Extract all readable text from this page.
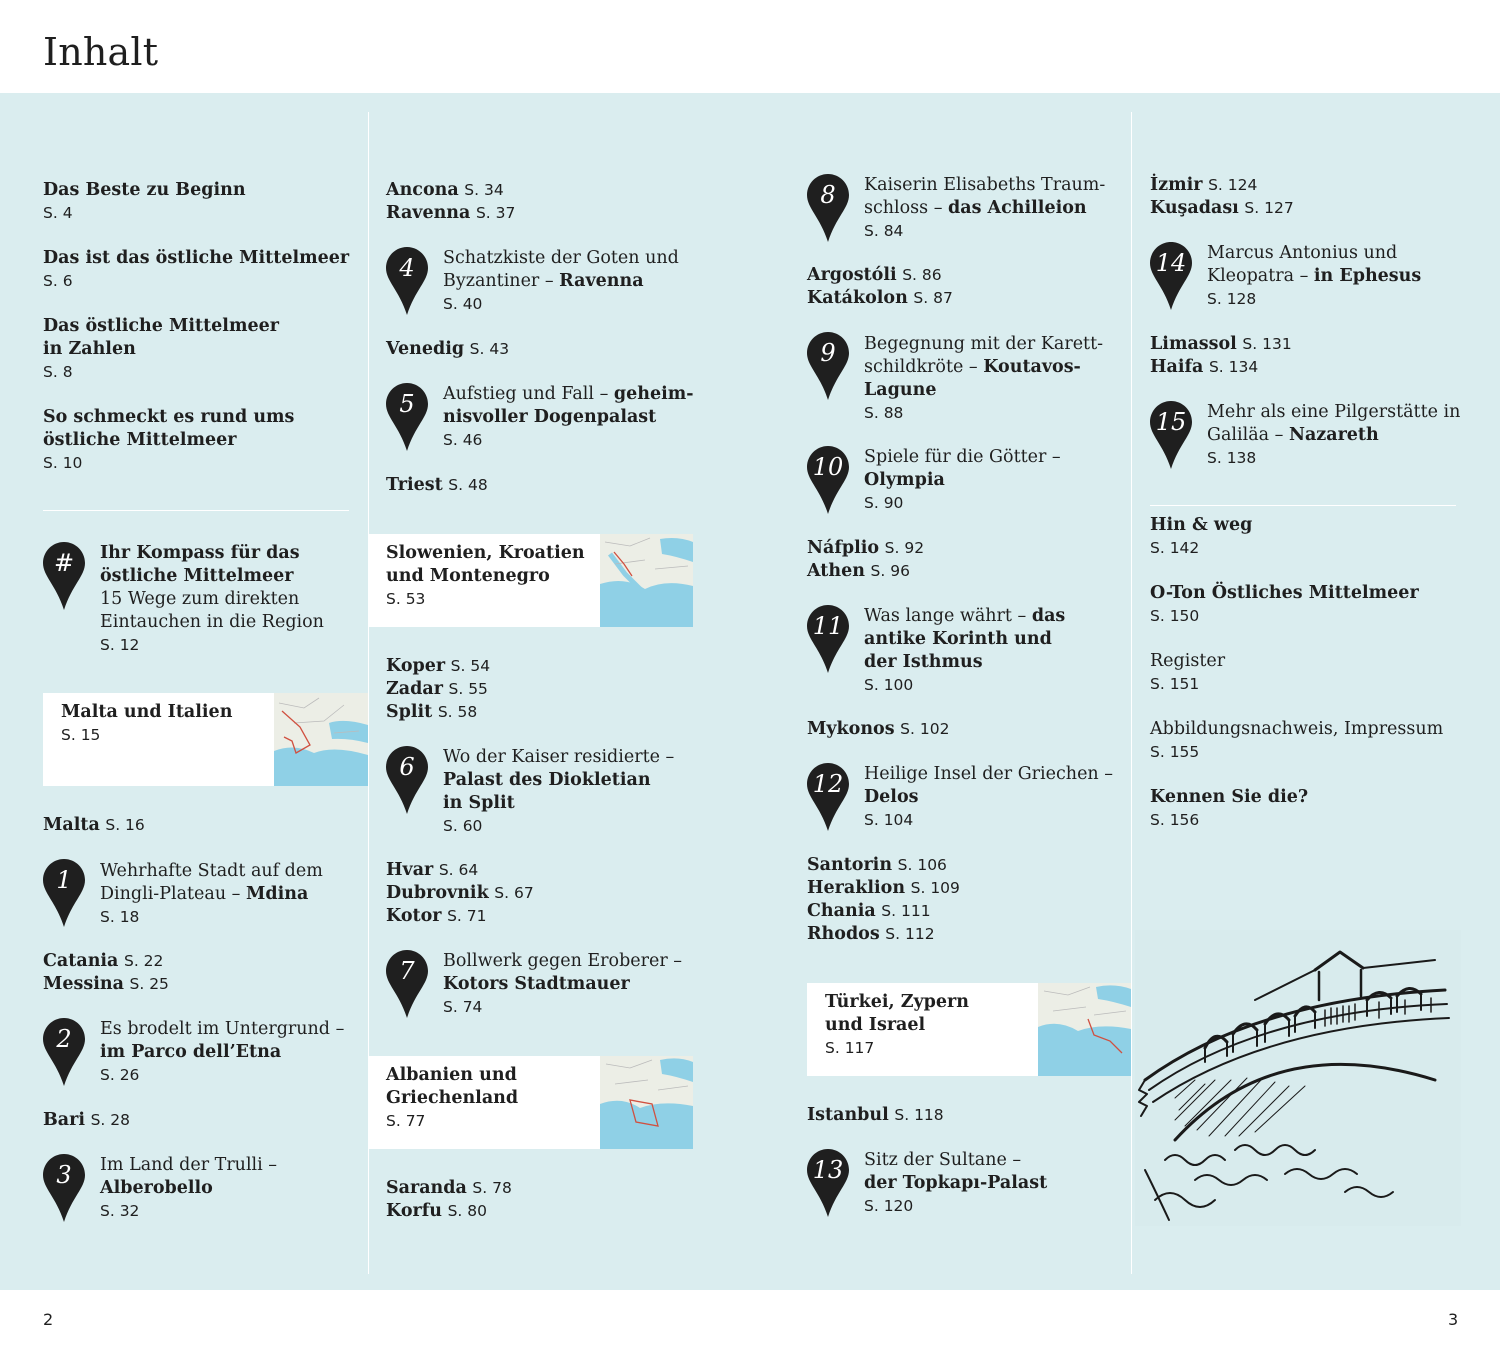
Inhalt
Das Beste zu Beginn
S. 4
Das ist das östliche Mittelmeer
S. 6
Das östliche Mittelmeer
in Zahlen
S. 8
So schmeckt es rund ums
östliche Mittelmeer
S. 10
#	Ihr Kompass für das
östliche Mittelmeer
15 Wege zum direkten
Eintauchen in die Region
S. 12
Malta und Italien
S. 15
Malta S. 16
1	Wehrhafte Stadt auf dem
Dingli-Plateau – Mdina
S. 18
Catania S. 22
Messina S. 25
2	Es brodelt im Untergrund –
im Parco dell’Etna
S. 26
Bari S. 28
3	Im Land der Trulli –
Alberobello
S. 32
Ancona S. 34
Ravenna S. 37
4	Schatzkiste der Goten und
Byzantiner – Ravenna
S. 40
Venedig S. 43
5	Aufstieg und Fall – geheim-
nisvoller Dogenpalast
S. 46
Triest S. 48
Slowenien, Kroatien
und Montenegro
S. 53
Koper S. 54
Zadar S. 55
Split S. 58
6	Wo der Kaiser residierte –
Palast des Diokletian
in Split
S. 60
Hvar S. 64
Dubrovnik S. 67
Kotor S. 71
7	Bollwerk gegen Eroberer –
Kotors Stadtmauer
S. 74
Albanien und
Griechenland
S. 77
Saranda S. 78
Korfu S. 80
8	Kaiserin Elisabeths Traum-
schloss – das Achilleion
S. 84
Argostóli S. 86
Katákolon S. 87
9	Begegnung mit der Karett-
schildkröte – Koutavos-
Lagune
S. 88
10	Spiele für die Götter –
Olympia
S. 90
Náfplio S. 92
Athen S. 96
11	Was lange währt – das
antike Korinth und
der Isthmus
S. 100
Mykonos S. 102
12	Heilige Insel der Griechen –
Delos
S. 104
Santorin S. 106
Heraklion S. 109
Chania S. 111
Rhodos S. 112
Türkei, Zypern
und Israel
S. 117
Istanbul S. 118
13	Sitz der Sultane –
der Topkapı-Palast
S. 120
İzmir S. 124
Kuşadası S. 127
14	Marcus Antonius und
Kleopatra – in Ephesus
S. 128
Limassol S. 131
Haifa S. 134
15	Mehr als eine Pilgerstätte in
Galiläa – Nazareth
S. 138
Hin & weg
S. 142
O-Ton Östliches Mittelmeer
S. 150
Register
S. 151
Abbildungsnachweis, Impressum
S. 155
Kennen Sie die?
S. 156
2	3
